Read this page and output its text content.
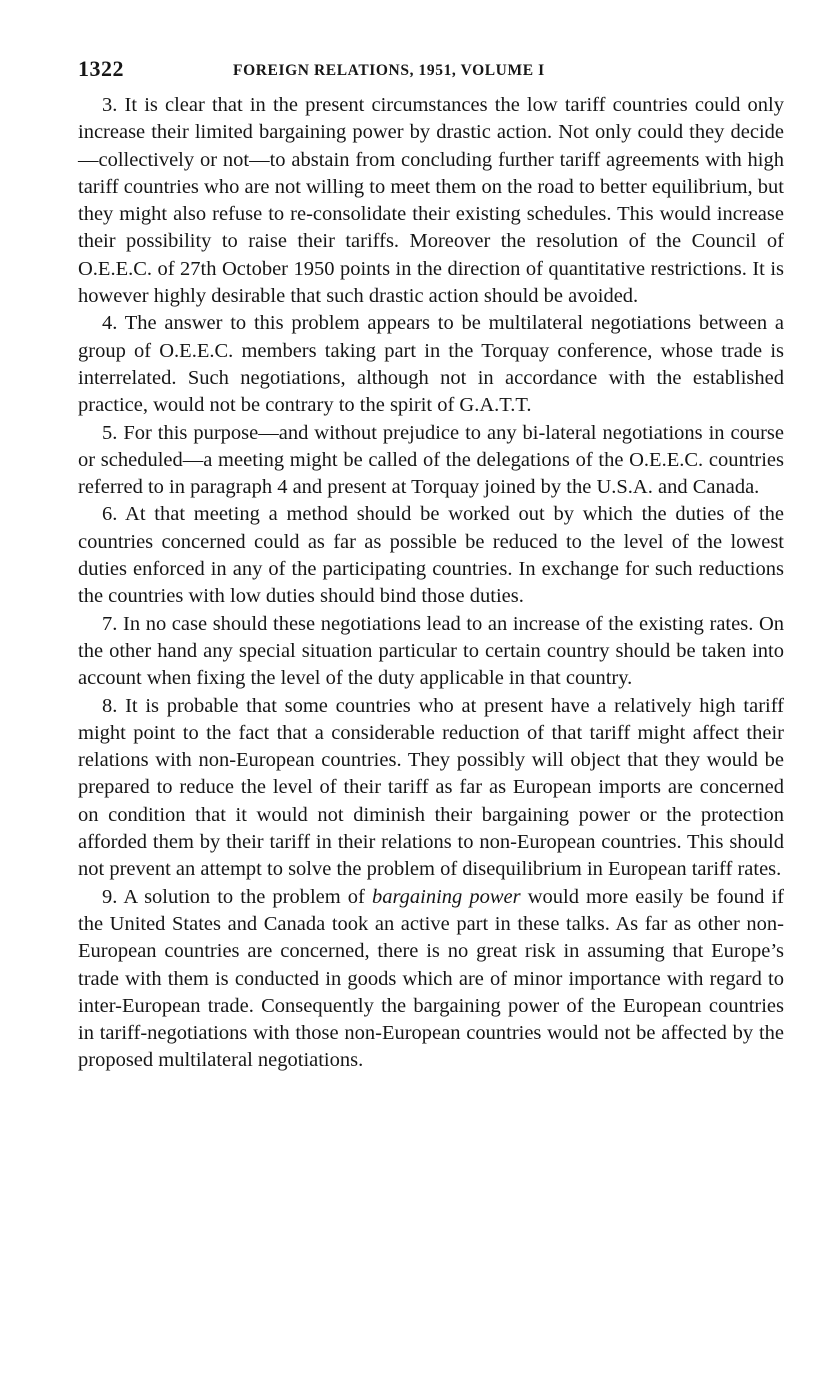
1322	FOREIGN RELATIONS, 1951, VOLUME I

3. It is clear that in the present circumstances the low tariff countries could only increase their limited bargaining power by drastic action. Not only could they decide—collectively or not—to abstain from concluding further tariff agreements with high tariff countries who are not willing to meet them on the road to better equilibrium, but they might also refuse to re-consolidate their existing schedules. This would increase their possibility to raise their tariffs. Moreover the resolution of the Council of O.E.E.C. of 27th October 1950 points in the direction of quantitative restrictions. It is however highly desirable that such drastic action should be avoided.

4. The answer to this problem appears to be multilateral negotiations between a group of O.E.E.C. members taking part in the Torquay conference, whose trade is interrelated. Such negotiations, although not in accordance with the established practice, would not be contrary to the spirit of G.A.T.T.

5. For this purpose—and without prejudice to any bi-lateral negotiations in course or scheduled—a meeting might be called of the delegations of the O.E.E.C. countries referred to in paragraph 4 and present at Torquay joined by the U.S.A. and Canada.

6. At that meeting a method should be worked out by which the duties of the countries concerned could as far as possible be reduced to the level of the lowest duties enforced in any of the participating countries. In exchange for such reductions the countries with low duties should bind those duties.

7. In no case should these negotiations lead to an increase of the existing rates. On the other hand any special situation particular to certain country should be taken into account when fixing the level of the duty applicable in that country.

8. It is probable that some countries who at present have a relatively high tariff might point to the fact that a considerable reduction of that tariff might affect their relations with non-European countries. They possibly will object that they would be prepared to reduce the level of their tariff as far as European imports are concerned on condition that it would not diminish their bargaining power or the protection afforded them by their tariff in their relations to non-European countries. This should not prevent an attempt to solve the problem of disequilibrium in European tariff rates.

9. A solution to the problem of bargaining power would more easily be found if the United States and Canada took an active part in these talks. As far as other non-European countries are concerned, there is no great risk in assuming that Europe’s trade with them is conducted in goods which are of minor importance with regard to inter-European trade. Consequently the bargaining power of the European countries in tariff-negotiations with those non-European countries would not be affected by the proposed multilateral negotiations.
